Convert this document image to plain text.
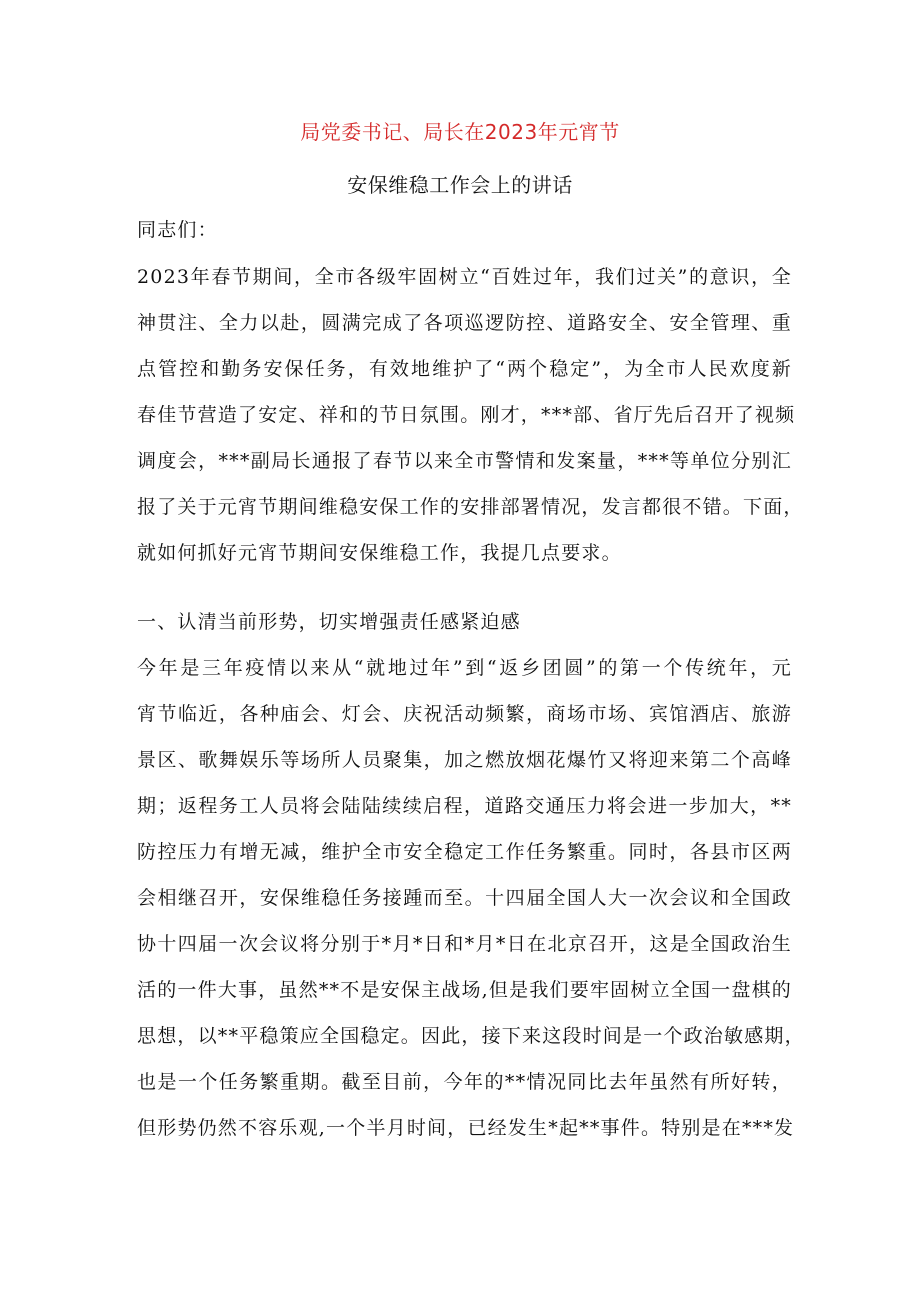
局党委书记、局长在2023年元宵节
安保维稳工作会上的讲话
同志们：
2023年春节期间，全市各级牢固树立“百姓过年，我们过关”的意识，全
神贯注、全力以赴，圆满完成了各项巡逻防控、道路安全、安全管理、重
点管控和勤务安保任务，有效地维护了“两个稳定”，为全市人民欢度新
春佳节营造了安定、祥和的节日氛围。刚才，***部、省厅先后召开了视频
调度会，***副局长通报了春节以来全市警情和发案量，***等单位分别汇
报了关于元宵节期间维稳安保工作的安排部署情况，发言都很不错。下面，
就如何抓好元宵节期间安保维稳工作，我提几点要求。
一、认清当前形势，切实增强责任感紧迫感
今年是三年疫情以来从“就地过年”到“返乡团圆”的第一个传统年，元
宵节临近，各种庙会、灯会、庆祝活动频繁，商场市场、宾馆酒店、旅游
景区、歌舞娱乐等场所人员聚集，加之燃放烟花爆竹又将迎来第二个高峰
期；返程务工人员将会陆陆续续启程，道路交通压力将会进一步加大，**
防控压力有增无减，维护全市安全稳定工作任务繁重。同时，各县市区两
会相继召开，安保维稳任务接踵而至。十四届全国人大一次会议和全国政
协十四届一次会议将分别于*月*日和*月*日在北京召开，这是全国政治生
活的一件大事，虽然**不是安保主战场,但是我们要牢固树立全国一盘棋的
思想，以**平稳策应全国稳定。因此，接下来这段时间是一个政治敏感期，
也是一个任务繁重期。截至目前，今年的**情况同比去年虽然有所好转，
但形势仍然不容乐观,一个半月时间，已经发生*起**事件。特别是在***发
